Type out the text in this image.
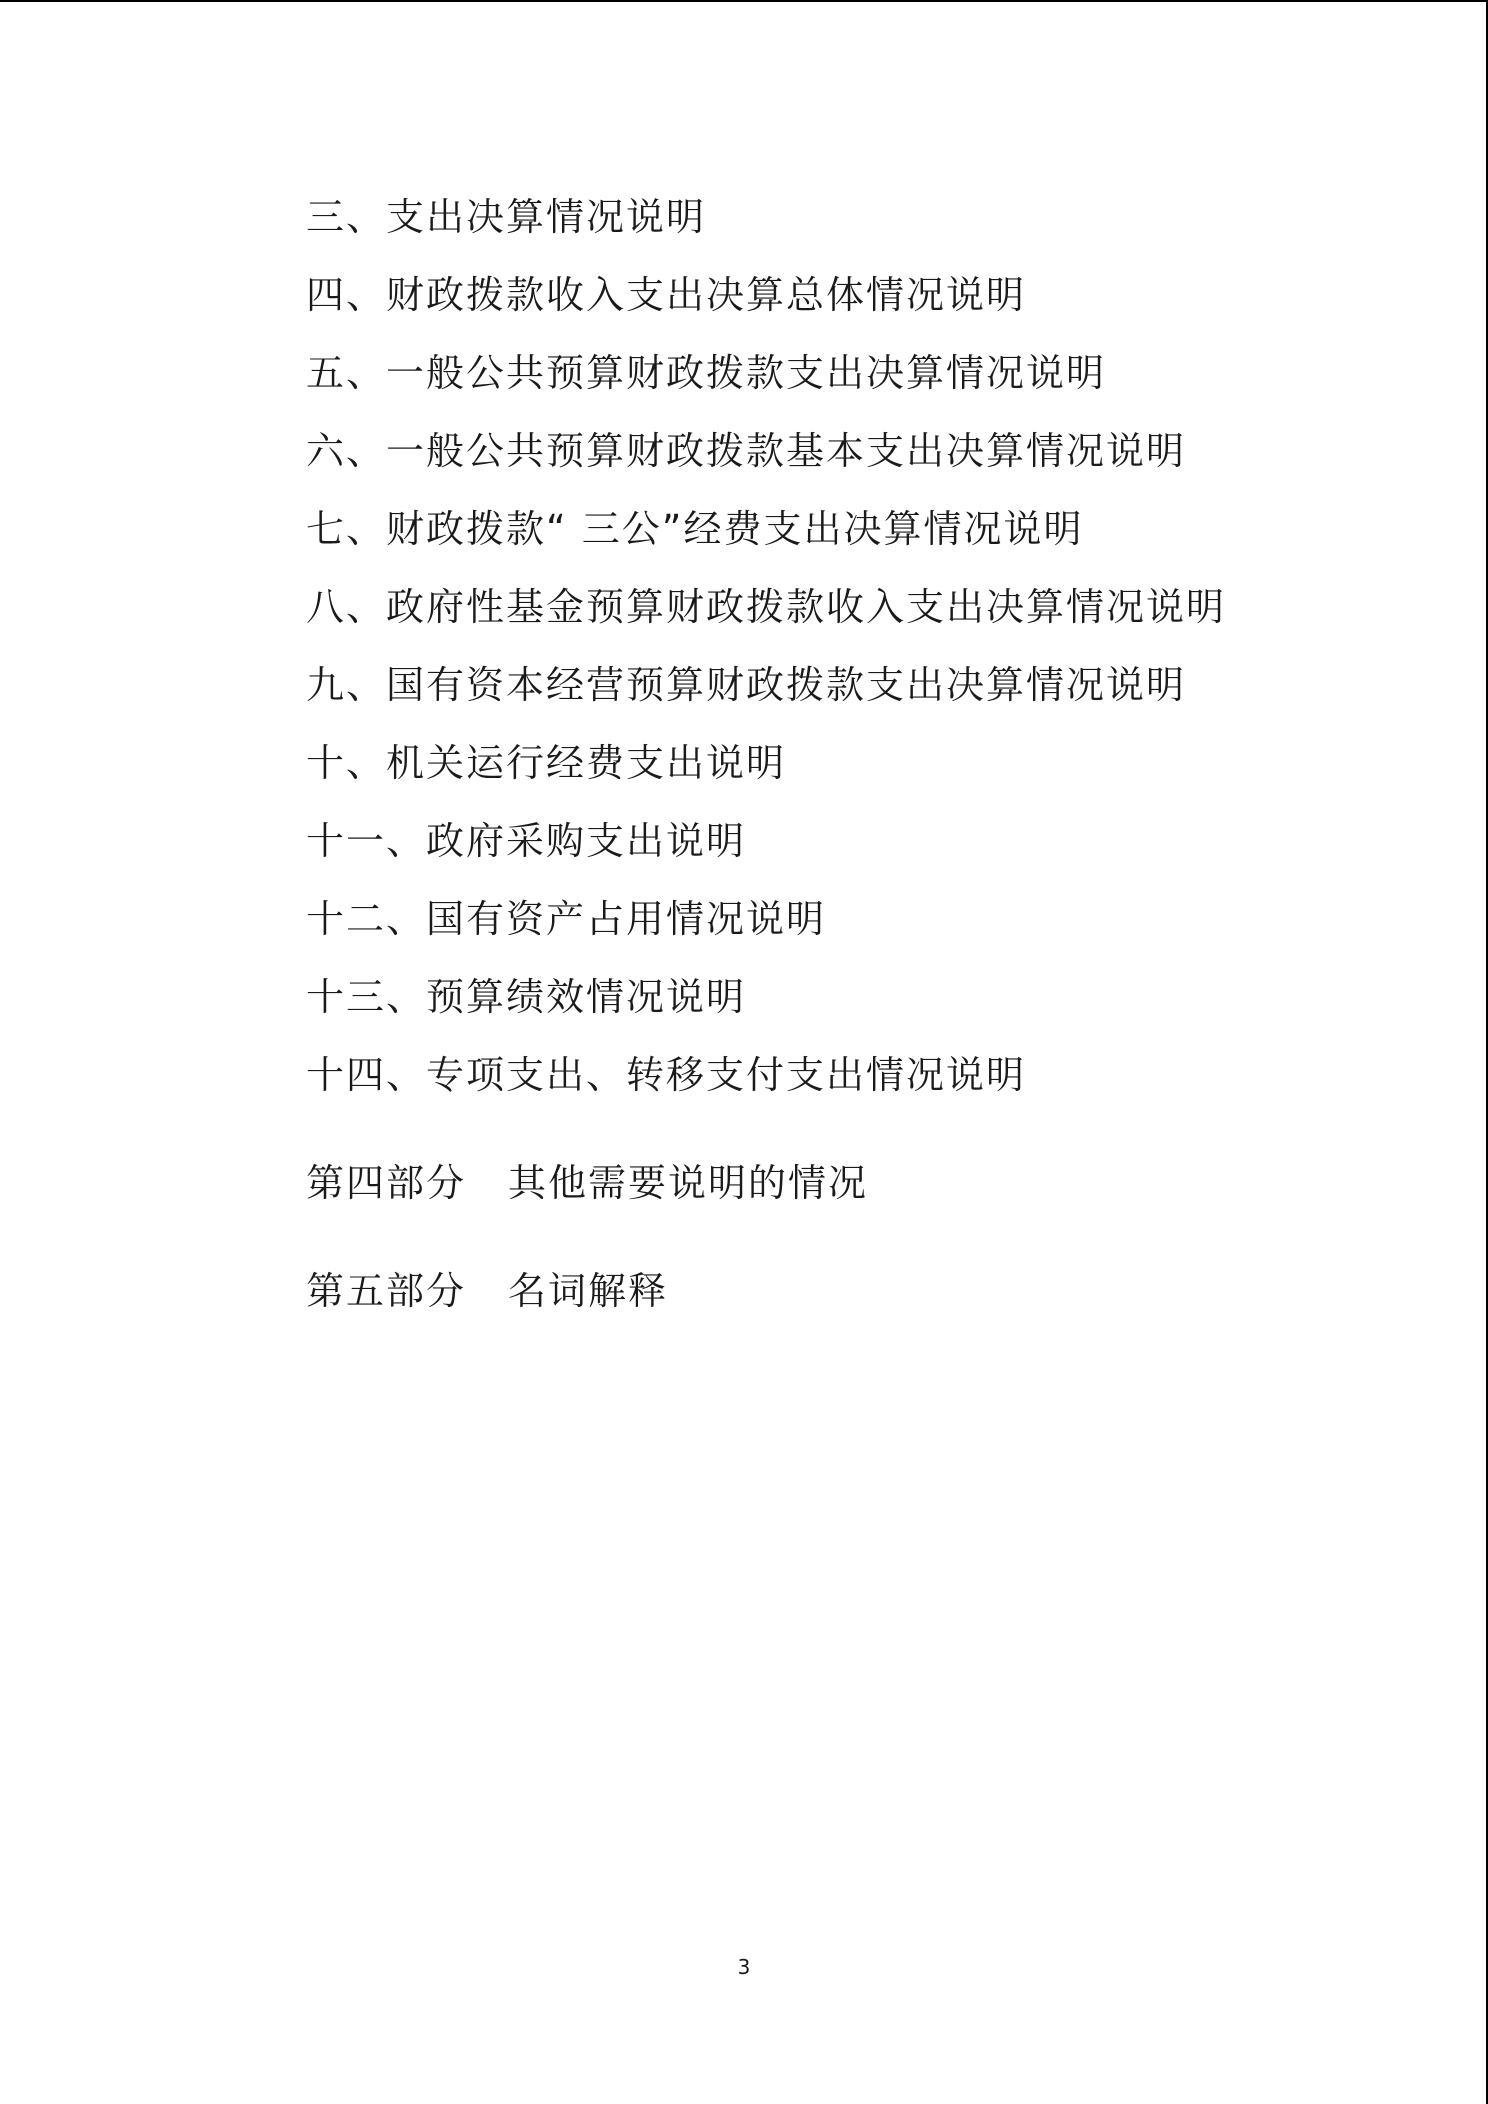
三、支出决算情况说明
四、财政拨款收入支出决算总体情况说明
五、一般公共预算财政拨款支出决算情况说明
六、一般公共预算财政拨款基本支出决算情况说明
七、财政拨款“ 三公”经费支出决算情况说明
八、政府性基金预算财政拨款收入支出决算情况说明
九、国有资本经营预算财政拨款支出决算情况说明
十、机关运行经费支出说明
十一、政府采购支出说明
十二、国有资产占用情况说明
十三、预算绩效情况说明
十四、专项支出、转移支付支出情况说明
第四部分 其他需要说明的情况
第五部分 名词解释
3
